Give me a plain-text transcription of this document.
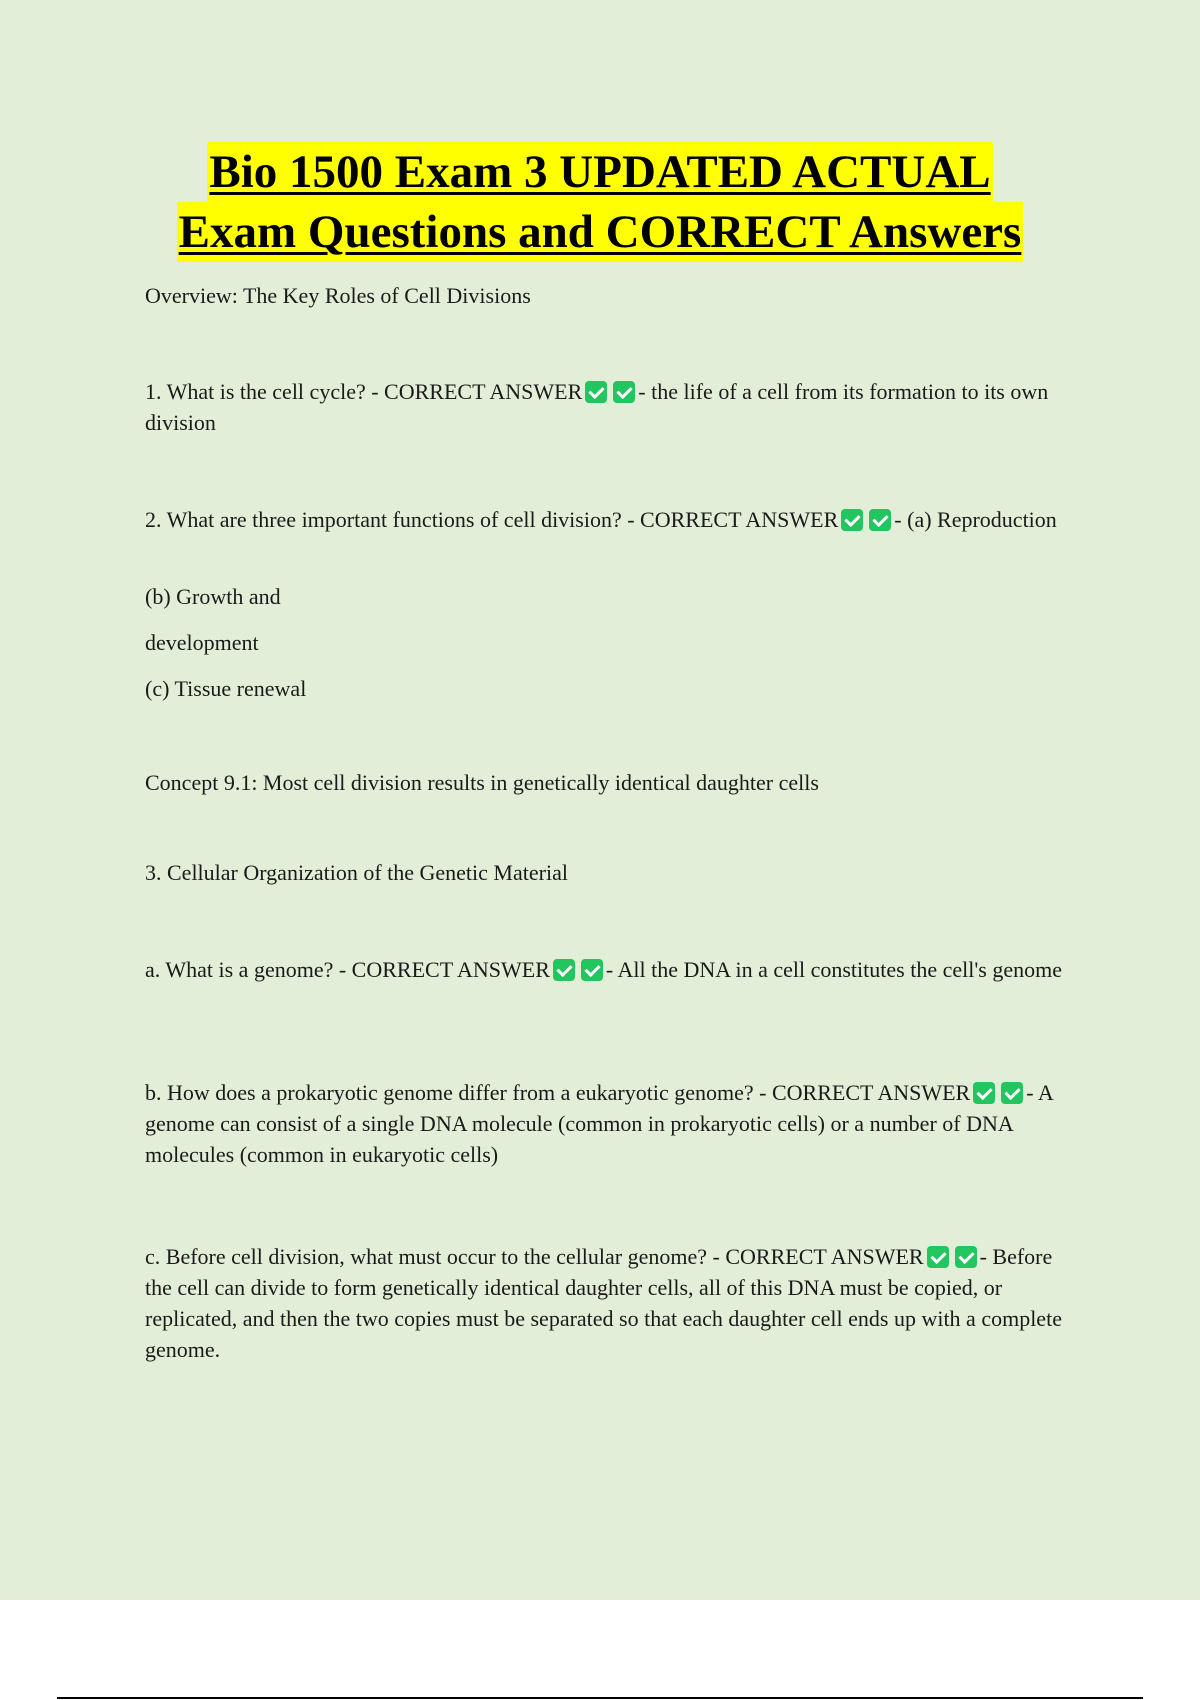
Bio 1500 Exam 3 UPDATED ACTUAL
Exam Questions and CORRECT Answers
Overview: The Key Roles of Cell Divisions
1. What is the cell cycle? - CORRECT ANSWER	- the life of a cell from its formation to its own division
2. What are three important functions of cell division? - CORRECT ANSWER	- (a) Reproduction
(b) Growth and
development
(c) Tissue renewal
Concept 9.1: Most cell division results in genetically identical daughter cells
3. Cellular Organization of the Genetic Material
a. What is a genome? - CORRECT ANSWER	- All the DNA in a cell constitutes the cell's genome
b. How does a prokaryotic genome differ from a eukaryotic genome? - CORRECT ANSWER	- A genome can consist of a single DNA molecule (common in prokaryotic cells) or a number of DNA molecules (common in eukaryotic cells)
c. Before cell division, what must occur to the cellular genome? - CORRECT ANSWER	- Before the cell can divide to form genetically identical daughter cells, all of this DNA must be copied, or replicated, and then the two copies must be separated so that each daughter cell ends up with a complete genome.
